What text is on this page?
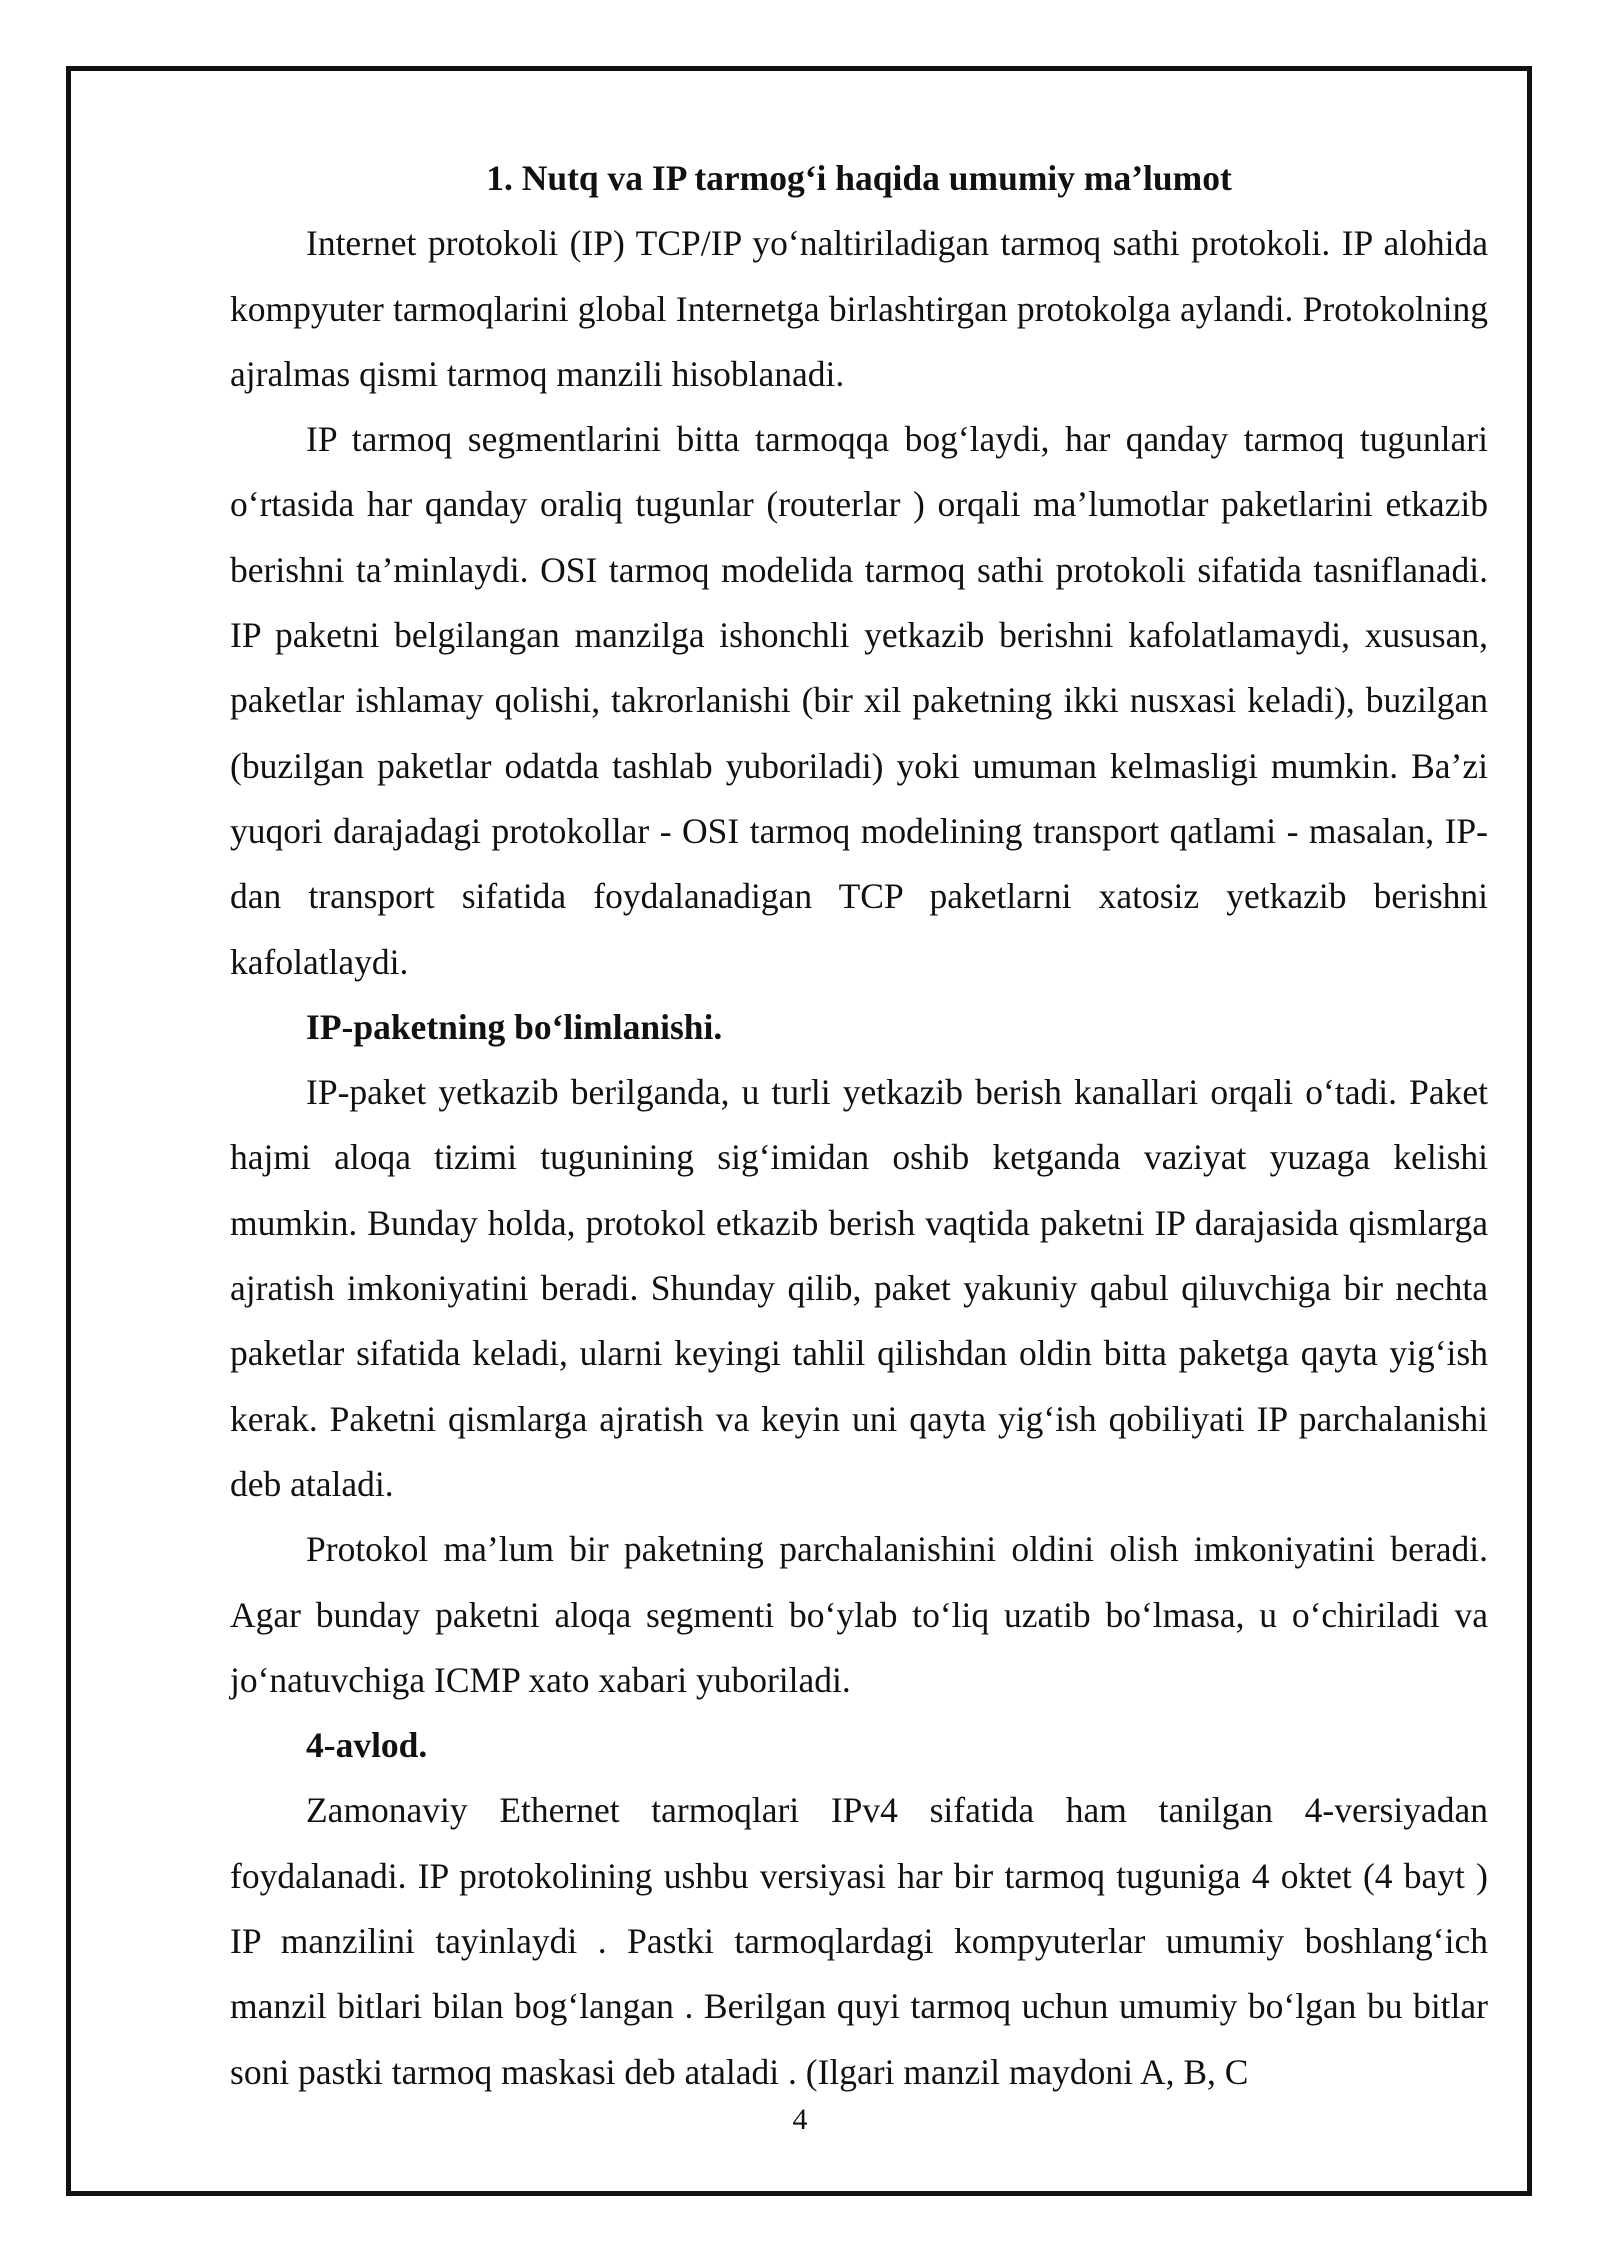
1. Nutq va IP tarmog‘i haqida umumiy ma’lumot

Internet protokoli (IP) TCP/IP yo‘naltiriladigan tarmoq sathi protokoli. IP alohida kompyuter tarmoqlarini global Internetga birlashtirgan protokolga aylandi. Protokolning ajralmas qismi tarmoq manzili hisoblanadi.

IP tarmoq segmentlarini bitta tarmoqqa bog‘laydi, har qanday tarmoq tugunlari o‘rtasida har qanday oraliq tugunlar (routerlar ) orqali ma’lumotlar paketlarini etkazib berishni ta’minlaydi. OSI tarmoq modelida tarmoq sathi protokoli sifatida tasniflanadi. IP paketni belgilangan manzilga ishonchli yetkazib berishni kafolatlamaydi, xususan, paketlar ishlamay qolishi, takrorlanishi (bir xil paketning ikki nusxasi keladi), buzilgan (buzilgan paketlar odatda tashlab yuboriladi) yoki umuman kelmasligi mumkin. Ba’zi yuqori darajadagi protokollar - OSI tarmoq modelining transport qatlami - masalan, IP-dan transport sifatida foydalanadigan TCP paketlarni xatosiz yetkazib berishni kafolatlaydi.

IP-paketning bo‘limlanishi.

IP-paket yetkazib berilganda, u turli yetkazib berish kanallari orqali o‘tadi. Paket hajmi aloqa tizimi tugunining sig‘imidan oshib ketganda vaziyat yuzaga kelishi mumkin. Bunday holda, protokol etkazib berish vaqtida paketni IP darajasida qismlarga ajratish imkoniyatini beradi. Shunday qilib, paket yakuniy qabul qiluvchiga bir nechta paketlar sifatida keladi, ularni keyingi tahlil qilishdan oldin bitta paketga qayta yig‘ish kerak. Paketni qismlarga ajratish va keyin uni qayta yig‘ish qobiliyati IP parchalanishi deb ataladi.

Protokol ma’lum bir paketning parchalanishini oldini olish imkoniyatini beradi. Agar bunday paketni aloqa segmenti bo‘ylab to‘liq uzatib bo‘lmasa, u o‘chiriladi va jo‘natuvchiga ICMP xato xabari yuboriladi.

4-avlod.

Zamonaviy Ethernet tarmoqlari IPv4 sifatida ham tanilgan 4-versiyadan foydalanadi. IP protokolining ushbu versiyasi har bir tarmoq tuguniga 4 oktet (4 bayt ) IP manzilini tayinlaydi . Pastki tarmoqlardagi kompyuterlar umumiy boshlang‘ich manzil bitlari bilan bog‘langan . Berilgan quyi tarmoq uchun umumiy bo‘lgan bu bitlar soni pastki tarmoq maskasi deb ataladi . (Ilgari manzil maydoni A, B, C

4
